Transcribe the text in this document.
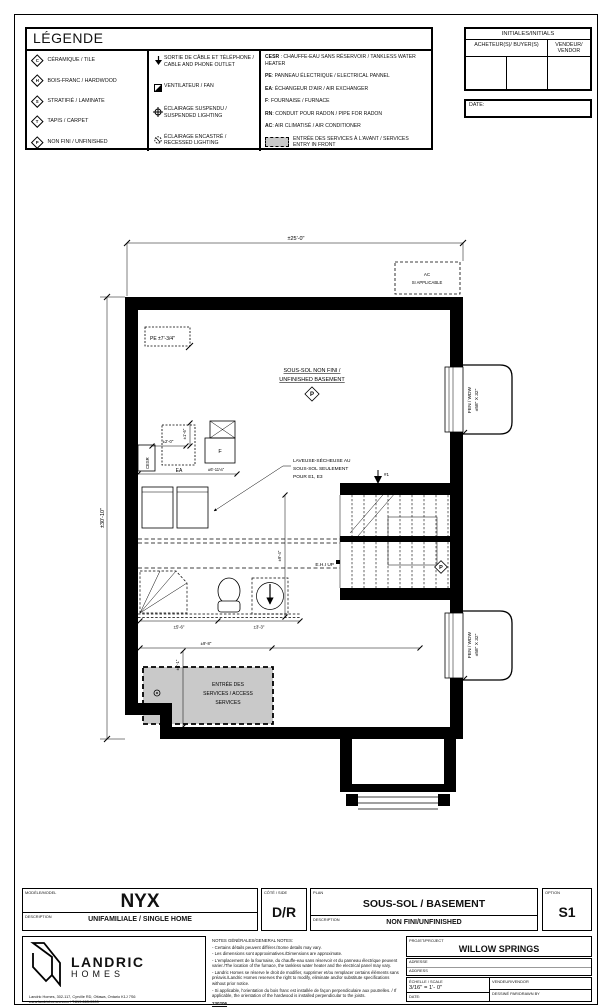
LÉGENDE
C CÉRAMIQUE / TILE
H BOIS-FRANC / HARDWOOD
S STRATIFIÉ / LAMINATE
T TAPIS / CARPET
P NON FINI / UNFINISHED
SORTIE DE CÂBLE ET TÉLÉPHONE / CABLE AND PHONE OUTLET
VENTILATEUR / FAN
ÉCLAIRAGE SUSPENDU / SUSPENDED LIGHTING
ÉCLAIRAGE ENCASTRÉ / RECESSED LIGHTING
CESR : CHAUFFE-EAU SANS RÉSERVOIR / TANKLESS WATER HEATER
PE: PANNEAU ÉLECTRIQUE / ELECTRICAL PANNEL
EA: ÉCHANGEUR D'AIR / AIR EXCHANGER
F: FOURNAISE / FURNACE
RN: CONDUIT POUR RADON / PIPE FOR RADON
AC: AIR CLIMATISÉ / AIR CONDITIONER
ENTRÉE DES SERVICES À L'AVANT / SERVICES ENTRY IN FRONT
INITIALES/INITIALS
ACHETEUR(S)/ BUYER(S)	VENDEUR/ VENDOR
DATE:
±25'-0"
±30'-10"
AC
SI APPLICABLE
ENTRÉE DES
SERVICES / ACCESS
SERVICES
PE ±7'-3/4"
SOUS-SOL NON FINI /
UNFINISHED BASEMENT
P
CESR
EA
±2'-0"
±1'-6"
±6'-11⅛"
F
LAVEUSE-SÉCHEUSE AU
SOUS-SOL SEULEMENT
POUR E1, E3
#1
P
E.H.I UP
±9'-4"
±5'-6"	±3'-3"
±9'-8"
±6'-1"
FEN / WDW ±58" X 32"
FEN / WDW ±58" X 32"
MODÈLE/MODEL	NYX
DESCRIPTION	UNIFAMILIALE / SINGLE HOME
CÔTÉ / SIDE
D/R
PLAN
SOUS-SOL / BASEMENT
DESCRIPTION	NON FINI/UNFINISHED
OPTION
S1
LANDRIC
HOMES
Landric Homes, 302-117, Cyrville RD, Ottawa, Ontario K1J 7S6
www.landrichomes.com / T.819-663-0003
NOTES GÉNÉRALES/GENERAL NOTES:
- Certains détails peuvent différer./Some details may vary.
- Les dimensions sont approximatives./Dimensions are approximate.
- L'emplacement de la fournaise, du chauffe-eau sans réservoir et du panneau électrique peuvent varier./The location of the furnace, the tankless water heater and the electrical panel may vary.
- Landric Homes se réserve le droit de modifier, supprimer et/ou remplacer certains éléments sans préavis./Landric Homes reserves the right to modify, eliminate and/or substitute specifications without prior notice.
- Si applicable, l'orientation du bois franc est installée de façon perpendiculaire aux poutrelles. / If applicable, the orientation of the hardwood is installed perpendicular to the joists.
230206
PROJET/PROJECT
WILLOW SPRINGS
ADRESSE
ADDRESS
ÉCHELLE / SCALE
3/16" = 1'- 0"
DATE:
VENDEUR/VENDOR
DESSINÉ PAR/DRAWN BY
